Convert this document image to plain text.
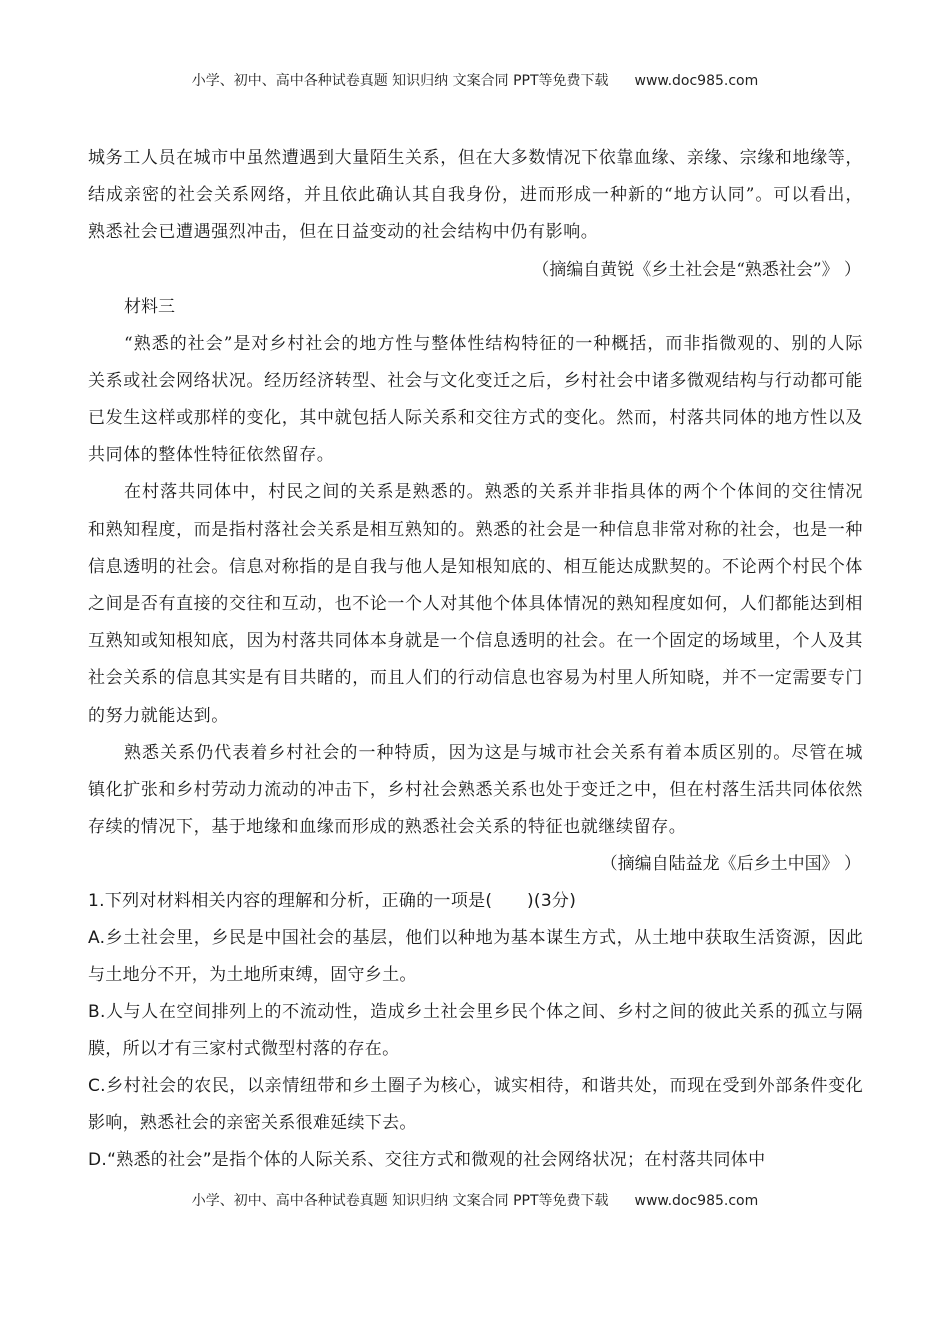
小学、初中、高中各种试卷真题 知识归纳 文案合同 PPT等免费下载 www.doc985.com

城务工人员在城市中虽然遭遇到大量陌生关系，但在大多数情况下依靠血缘、亲缘、宗缘和地缘等，结成亲密的社会关系网络，并且依此确认其自我身份，进而形成一种新的“地方认同”。可以看出，熟悉社会已遭遇强烈冲击，但在日益变动的社会结构中仍有影响。

（摘编自黄锐《乡土社会是“熟悉社会”》 ）

材料三

“熟悉的社会”是对乡村社会的地方性与整体性结构特征的一种概括，而非指微观的、别的人际关系或社会网络状况。经历经济转型、社会与文化变迁之后，乡村社会中诸多微观结构与行动都可能已发生这样或那样的变化，其中就包括人际关系和交往方式的变化。然而，村落共同体的地方性以及共同体的整体性特征依然留存。

在村落共同体中，村民之间的关系是熟悉的。熟悉的关系并非指具体的两个个体间的交往情况和熟知程度，而是指村落社会关系是相互熟知的。熟悉的社会是一种信息非常对称的社会，也是一种信息透明的社会。信息对称指的是自我与他人是知根知底的、相互能达成默契的。不论两个村民个体之间是否有直接的交往和互动，也不论一个人对其他个体具体情况的熟知程度如何，人们都能达到相互熟知或知根知底，因为村落共同体本身就是一个信息透明的社会。在一个固定的场域里，个人及其社会关系的信息其实是有目共睹的，而且人们的行动信息也容易为村里人所知晓，并不一定需要专门的努力就能达到。

熟悉关系仍代表着乡村社会的一种特质，因为这是与城市社会关系有着本质区别的。尽管在城镇化扩张和乡村劳动力流动的冲击下，乡村社会熟悉关系也处于变迁之中，但在村落生活共同体依然存续的情况下，基于地缘和血缘而形成的熟悉社会关系的特征也就继续留存。

（摘编自陆益龙《后乡土中国》 ）

1.下列对材料相关内容的理解和分析，正确的一项是(　　)(3分)

A.乡土社会里，乡民是中国社会的基层，他们以种地为基本谋生方式，从土地中获取生活资源，因此与土地分不开，为土地所束缚，固守乡土。

B.人与人在空间排列上的不流动性，造成乡土社会里乡民个体之间、乡村之间的彼此关系的孤立与隔膜，所以才有三家村式微型村落的存在。

C.乡村社会的农民，以亲情纽带和乡土圈子为核心，诚实相待，和谐共处，而现在受到外部条件变化影响，熟悉社会的亲密关系很难延续下去。

D.“熟悉的社会”是指个体的人际关系、交往方式和微观的社会网络状况；在村落共同体中

小学、初中、高中各种试卷真题 知识归纳 文案合同 PPT等免费下载 www.doc985.com
